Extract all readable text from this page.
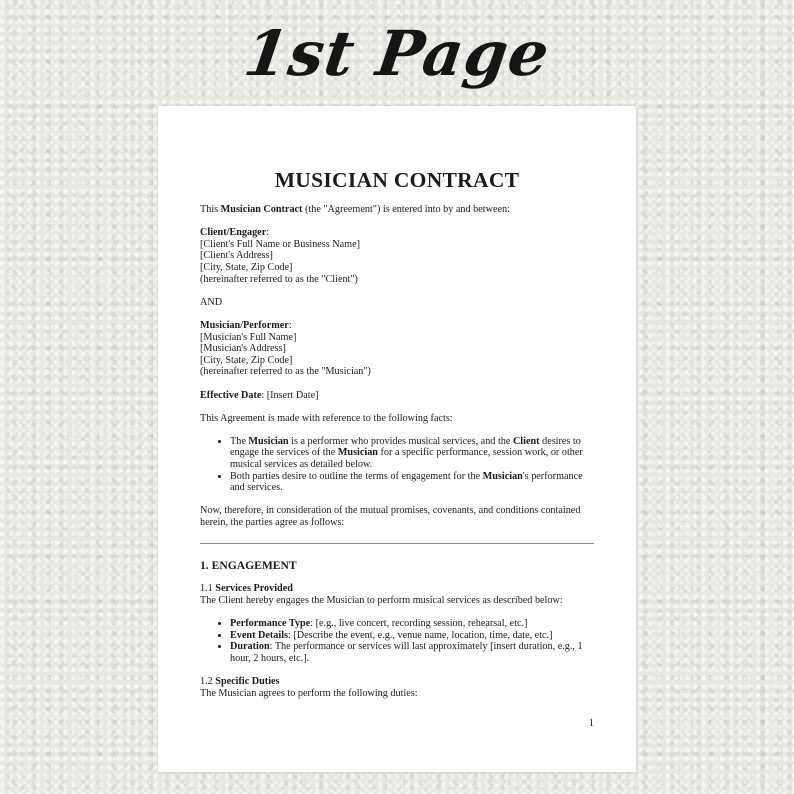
1st Page
MUSICIAN CONTRACT

This Musician Contract (the "Agreement") is entered into by and between:

Client/Engager:
[Client's Full Name or Business Name]
[Client's Address]
[City, State, Zip Code]
(hereinafter referred to as the "Client")

AND

Musician/Performer:
[Musician's Full Name]
[Musician's Address]
[City, State, Zip Code]
(hereinafter referred to as the "Musician")

Effective Date: [Insert Date]

This Agreement is made with reference to the following facts:

• The Musician is a performer who provides musical services, and the Client desires to engage the services of the Musician for a specific performance, session work, or other musical services as detailed below.
• Both parties desire to outline the terms of engagement for the Musician's performance and services.

Now, therefore, in consideration of the mutual promises, covenants, and conditions contained herein, the parties agree as follows:

1. ENGAGEMENT

1.1 Services Provided
The Client hereby engages the Musician to perform musical services as described below:

• Performance Type: [e.g., live concert, recording session, rehearsal, etc.]
• Event Details: [Describe the event, e.g., venue name, location, time, date, etc.]
• Duration: The performance or services will last approximately [insert duration, e.g., 1 hour, 2 hours, etc.].

1.2 Specific Duties
The Musician agrees to perform the following duties:

1
